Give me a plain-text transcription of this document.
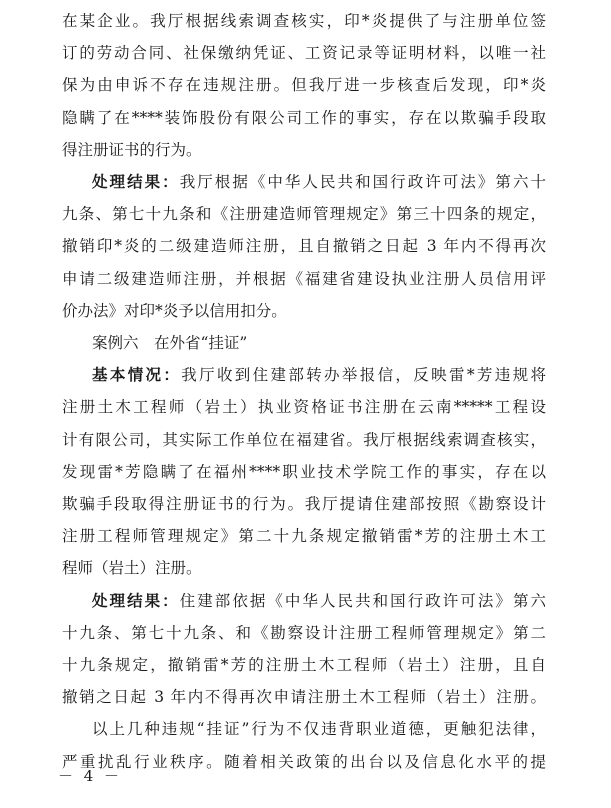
在某企业。我厅根据线索调查核实，印*炎提供了与注册单位签
订的劳动合同、社保缴纳凭证、工资记录等证明材料，以唯一社
保为由申诉不存在违规注册。但我厅进一步核查后发现，印*炎
隐瞒了在****装饰股份有限公司工作的事实，存在以欺骗手段取
得注册证书的行为。
处理结果：我厅根据《中华人民共和国行政许可法》第六十
九条、第七十九条和《注册建造师管理规定》第三十四条的规定，
撤销印*炎的二级建造师注册，且自撤销之日起 3 年内不得再次
申请二级建造师注册，并根据《福建省建设执业注册人员信用评
价办法》对印*炎予以信用扣分。
案例六　在外省“挂证”
基本情况：我厅收到住建部转办举报信，反映雷*芳违规将
注册土木工程师（岩土）执业资格证书注册在云南*****工程设
计有限公司，其实际工作单位在福建省。我厅根据线索调查核实，
发现雷*芳隐瞒了在福州****职业技术学院工作的事实，存在以
欺骗手段取得注册证书的行为。我厅提请住建部按照《勘察设计
注册工程师管理规定》第二十九条规定撤销雷*芳的注册土木工
程师（岩土）注册。
处理结果：住建部依据《中华人民共和国行政许可法》第六
十九条、第七十九条、和《勘察设计注册工程师管理规定》第二
十九条规定，撤销雷*芳的注册土木工程师（岩土）注册，且自
撤销之日起 3 年内不得再次申请注册土木工程师（岩土）注册。
－ 4 －
以上几种违规“挂证”行为不仅违背职业道德，更触犯法律，
严重扰乱行业秩序。随着相关政策的出台以及信息化水平的提
